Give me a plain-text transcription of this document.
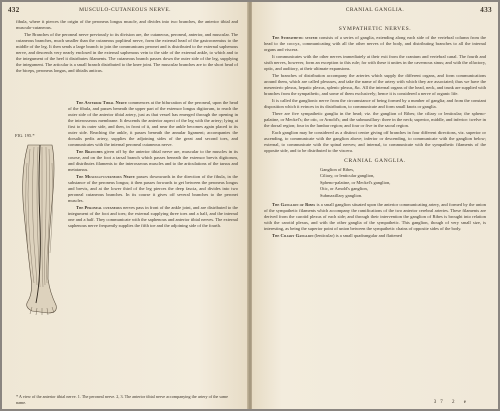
432	MUSCULO-CUTANEOUS NERVE.

fibula, where it pierces the origin of the peroneus longus muscle, and divides into two branches, the anterior tibial and musculo-cutaneous.

The Branches of the peroneal nerve previously to its division are, the cutaneous, peroneal, anterior, and muscular. The cutaneous branches, much smaller than the cutaneous popliteal nerve, form the external head of the gastrocnemius to the middle of the leg. It then sends a large branch to join the communicans peronei and is distributed to the external saphenous nerve, and descends very nearly enclosed in the external saphenous vein to the side of the external ankle, to which and to the integument of the heel it distributes filaments. The cutaneous branch passes down the outer side of the leg, supplying the integument. The articular is a small branch distributed to the knee joint. The muscular branches are to the short head of the biceps, peroneus longus, and tibialis anticus.

FIG. 195.*

The Anterior Tibial Nerve commences at the bifurcation of the peroneal, upon the head of the fibula, and passes beneath the upper part of the extensor longus digitorum, to reach the outer side of the anterior tibial artery, just as that vessel has emerged through the opening in the interosseous membrane. It descends the anterior aspect of the leg with the artery; lying at first to its outer side, and then, in front of it, and near the ankle becomes again placed to its outer side. Reaching the ankle, it passes beneath the annular ligament; accompanies the dorsalis pedis artery, supplies the adjoining sides of the great and second toes, and communicates with the internal peroneal cutaneous nerve.

The Branches given off by the anterior tibial nerve are, muscular to the muscles in its course, and on the foot a tarsal branch which passes beneath the extensor brevis digitorum, and distributes filaments to the interosseous muscles and to the articulations of the tarsus and metatarsus.

The Musculo-cutaneous Nerve passes downwards in the direction of the fibula, in the substance of the peroneus longus; it then passes forwards to get between the peroneus longus and brevis, and at the lower third of the leg pierces the deep fascia, and divides into two peroneal cutaneous branches. In its course it gives off several branches to the peronei muscles.

The Peroneal cutaneous nerves pass in front of the ankle joint, and are distributed to the integument of the foot and toes; the external supplying three toes and a half, and the internal one and a half. They communicate with the saphenous and anterior tibial nerves. The external saphenous nerve frequently supplies the fifth toe and the adjoining side of the fourth.

* A view of the anterior tibial nerve. 1. The peroneal nerve. 2, 3. The anterior tibial nerve accompanying the artery of the same name.
CRANIAL GANGLIA.	433
SYMPATHETIC NERVES.

The Sympathetic system consists of a series of ganglia, extending along each side of the vertebral column from the head to the coccyx, communicating with all the other nerves of the body, and distributing branches to all the internal organs and viscera.

It communicates with the other nerves immediately at their exit from the cranium and vertebral canal. The fourth and sixth nerves, however, form an exception to this rule; for with these it unites in the cavernous sinus; and with the olfactory, optic, and auditory, at their ultimate expansions.

The branches of distribution accompany the arteries which supply the different organs, and form communications around them, which are called plexuses, and take the name of the artery with which they are associated; thus we have the mesenteric plexus, hepatic plexus, splenic plexus, &c. All the internal organs of the head, neck, and trunk are supplied with branches from the sympathetic, and some of them exclusively; hence it is considered a nerve of organic life.

It is called the ganglionic nerve from the circumstance of being formed by a number of ganglia; and from the constant disposition which it evinces in its distribution, to communicate and form small knots or ganglia.

There are five sympathetic ganglia in the head; viz. the ganglion of Ribes; the ciliary or lenticular; the spheno-palatine, or Meckel's; the otic, or Arnold's; and the submaxillary: three in the neck; superior, middle, and inferior: twelve in the dorsal region; four in the lumbar region; and four or five in the sacral region.

Each ganglion may be considered as a distinct centre giving off branches in four different directions, viz. superior or ascending, to communicate with the ganglion above; inferior or descending, to communicate with the ganglion below; external, to communicate with the spinal nerves; and internal, to communicate with the sympathetic filaments of the opposite side, and to be distributed to the viscera.

CRANIAL GANGLIA.
Ganglion of Ribes,
Ciliary, or lenticular ganglion,
Spheno-palatine, or Meckel's ganglion,
Otic, or Arnold's ganglion,
Submaxillary ganglion.

The Ganglion of Ribes is a small ganglion situated upon the anterior communicating artery, and formed by the union of the sympathetic filaments which accompany the ramifications of the two anterior cerebral arteries. These filaments are derived from the carotid plexus of each side; and through their intervention the ganglion of Ribes is brought into relation with the carotid plexus, and with the other ganglia of the sympathetic. This ganglion, though of very small size, is interesting, as being the superior point of union between the sympathetic chains of opposite sides of the body.

The Ciliary Ganglion (lenticular) is a small quadrangular and flattened

37 2 e
